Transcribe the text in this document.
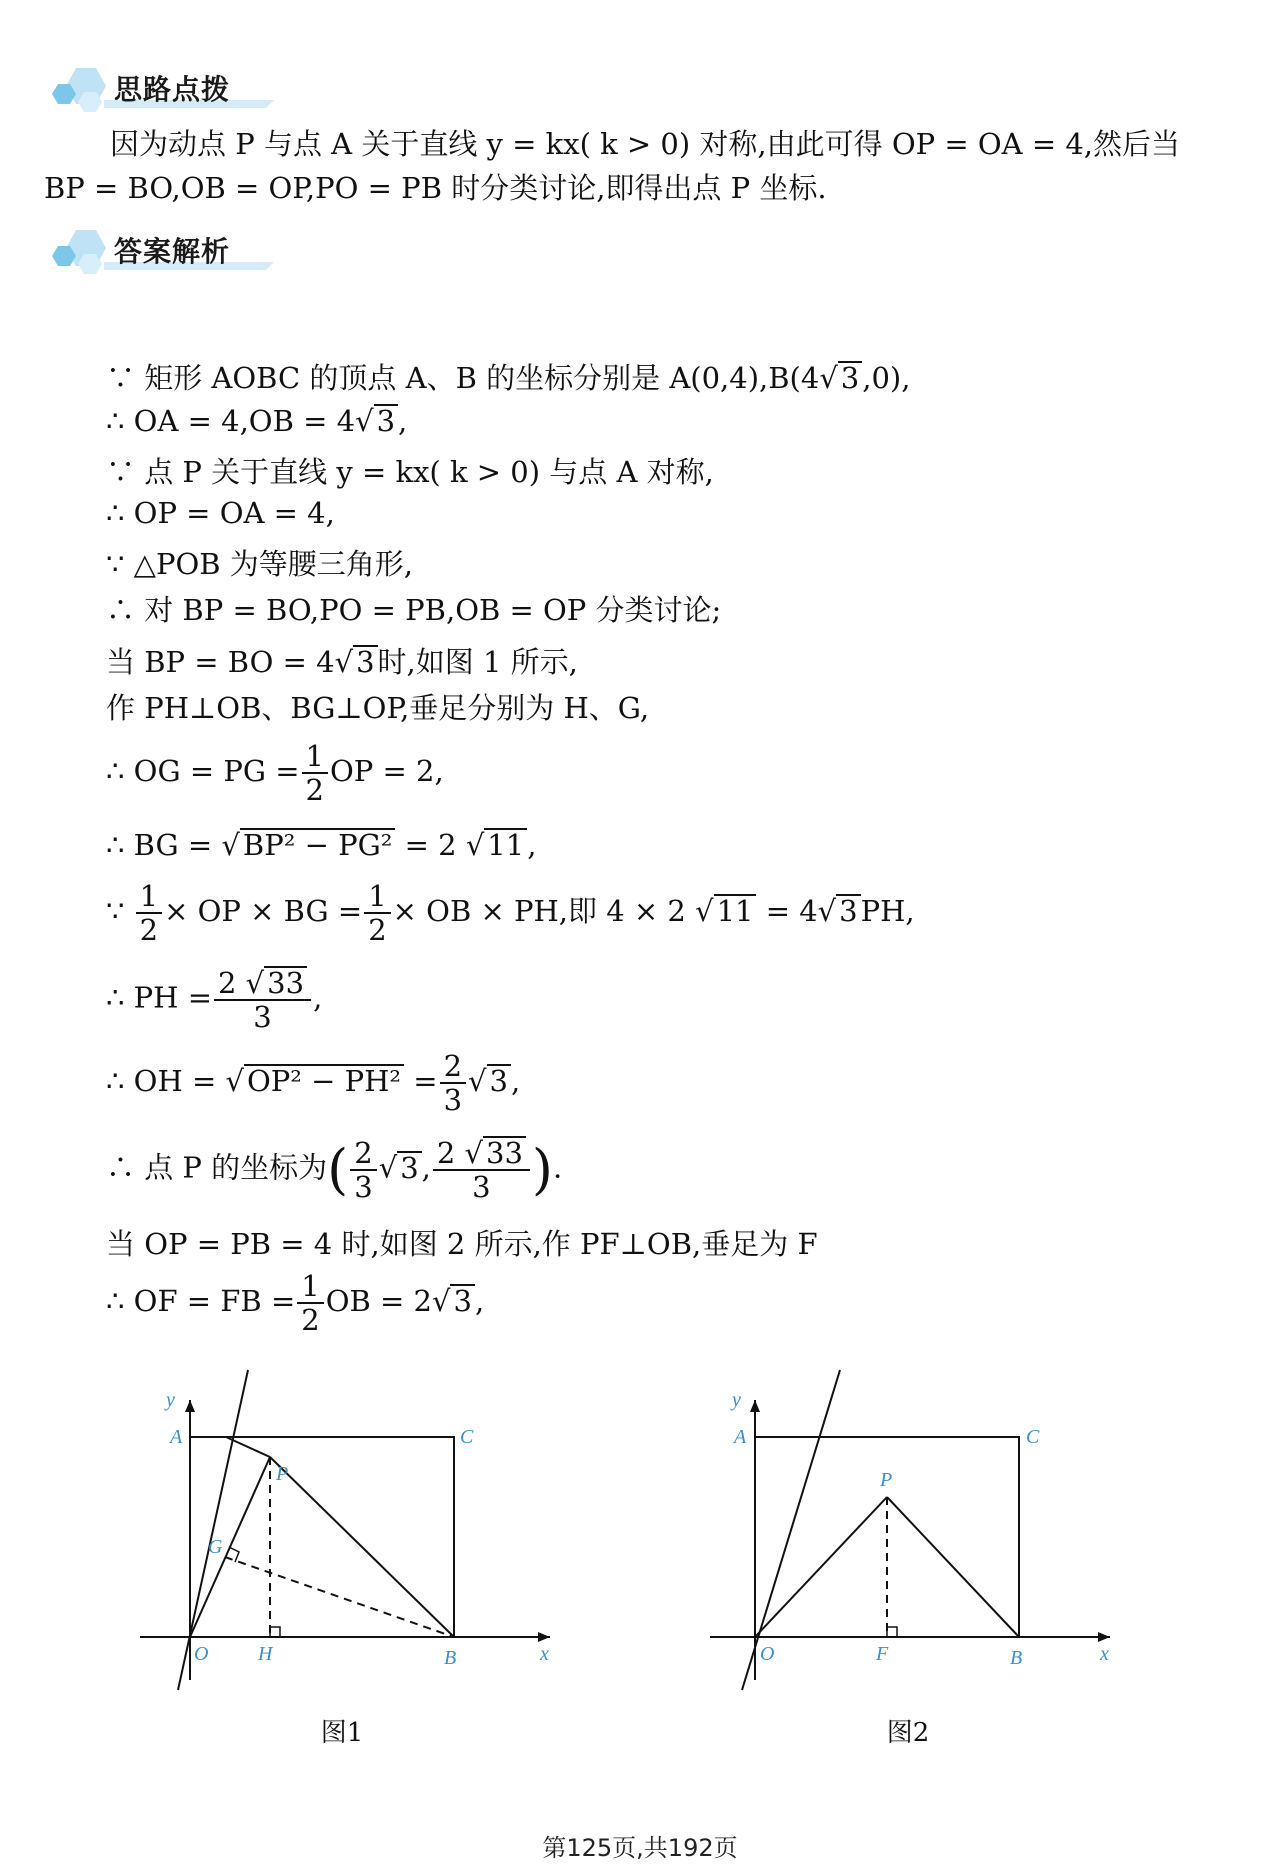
思路点拨
因为动点 P 与点 A 关于直线 y = kx( k > 0) 对称,由此可得 OP = OA = 4,然后当
BP = BO,OB = OP,PO = PB 时分类讨论,即得出点 P 坐标.
答案解析
∵ 矩形 AOBC 的顶点 A、B 的坐标分别是 A(0,4),B(4√ 3 ,0),
∴ OA = 4,OB = 4√ 3 ,
∵ 点 P 关于直线 y = kx( k > 0) 与点 A 对称,
∴ OP = OA = 4,
∵ △POB 为等腰三角形,
∴ 对 BP = BO,PO = PB,OB = OP 分类讨论;
当 BP = BO = 4√ 3 时,如图 1 所示,
作 PH⊥OB、BG⊥OP,垂足分别为 H、G,
∴ OG = PG = $\frac{1}{2}$ OP = 2,
∴ BG = √ BP² − PG² = 2 √ 11 ,
∵ $\frac{1}{2}$ × OP × BG = $\frac{1}{2}$ × OB × PH,即 4 × 2 √ 11 = 4√ 3 PH,
∴ PH = $\frac{2 √ 33}{3}$ ,
∴ OH = √ $OP^2 - PH^2 = \frac{2}{3}$ √ 3 ,
∴ 点 P 的坐标为( $\frac{2}{3}$ √ 3 , $\frac{2 √ 33}{3}$ ).
当 OP = PB = 4 时,如图 2 所示,作 PF⊥OB,垂足为 F
∴ OF = FB = $\frac{1}{2}$ OB = 2√ 3 ,
y
x
A	C
P
G
O H	B
图1
y
x
A	C
P
O	F	B
图2
第125页,共192页
